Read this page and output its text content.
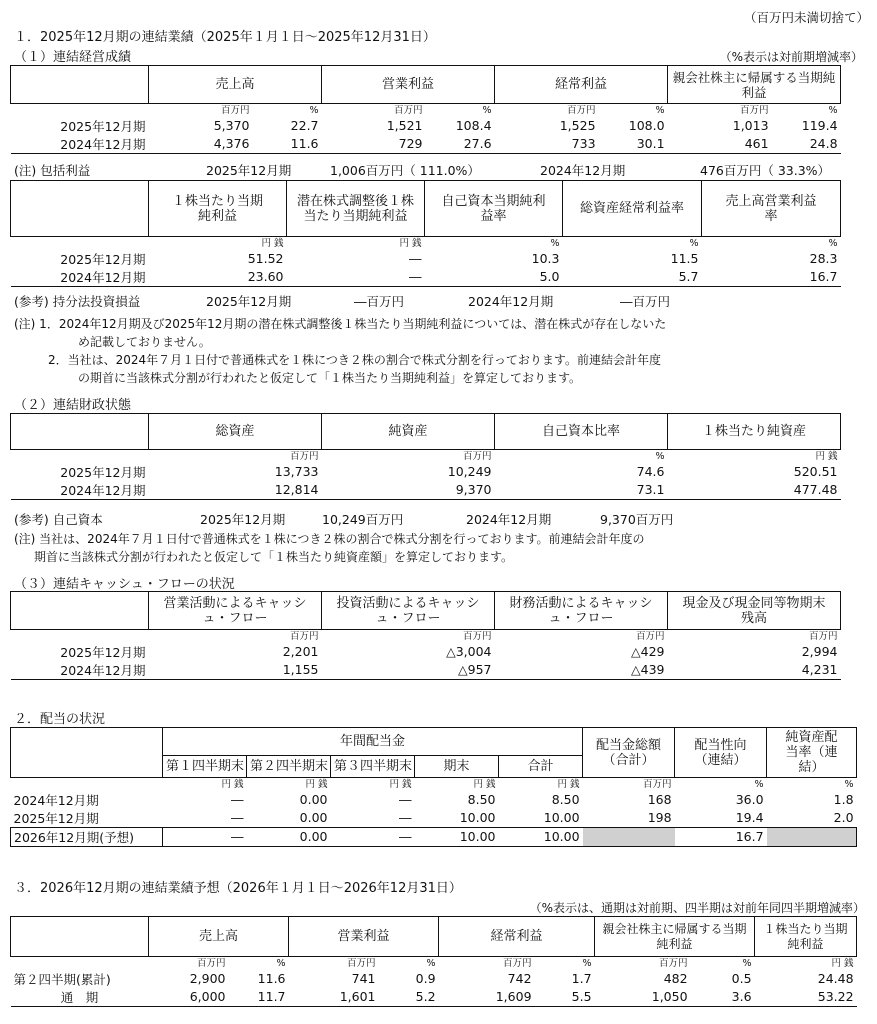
（百万円未満切捨て）
１．2025年12月期の連結業績（2025年１月１日～2025年12月31日）
（１）連結経営成績	（%表示は対前期増減率）
	売上高		営業利益		経常利益		親会社株主に帰属する当期純利益	
	百万円	%	百万円	%	百万円	%	百万円	%
2025年12月期	5,370	22.7	1,521	108.4	1,525	108.0	1,013	119.4
2024年12月期	4,376	11.6	729	27.6	733	30.1	461	24.8
(注) 包括利益	2025年12月期	1,006百万円（ 111.0%）	2024年12月期	476百万円（ 33.3%）
	１株当たり当期純利益	潜在株式調整後１株当たり当期純利益	自己資本当期純利益率	総資産経常利益率	売上高営業利益率
	円 銭	円 銭	%	%	%
2025年12月期	51.52	―	10.3	11.5	28.3
2024年12月期	23.60	―	5.0	5.7	16.7
(参考) 持分法投資損益	2025年12月期	―百万円	2024年12月期	―百万円
(注) 1．2024年12月期及び2025年12月期の潜在株式調整後１株当たり当期純利益については、潜在株式が存在しないた
め記載しておりません。
2．当社は、2024年７月１日付で普通株式を１株につき２株の割合で株式分割を行っております。前連結会計年度
の期首に当該株式分割が行われたと仮定して「１株当たり当期純利益」を算定しております。
（２）連結財政状態
	総資産	純資産	自己資本比率	１株当たり純資産
	百万円	百万円	%	円 銭
2025年12月期	13,733	10,249	74.6	520.51
2024年12月期	12,814	9,370	73.1	477.48
(参考) 自己資本	2025年12月期	10,249百万円	2024年12月期	9,370百万円
(注) 当社は、2024年７月１日付で普通株式を１株につき２株の割合で株式分割を行っております。前連結会計年度の
期首に当該株式分割が行われたと仮定して「１株当たり純資産額」を算定しております。
（３）連結キャッシュ・フローの状況
	営業活動によるキャッシュ・フロー	投資活動によるキャッシュ・フロー	財務活動によるキャッシュ・フロー	現金及び現金同等物期末残高
	百万円	百万円	百万円	百万円
2025年12月期	2,201	△3,004	△429	2,994
2024年12月期	1,155	△957	△439	4,231
２．配当の状況
	年間配当金					配当金総額（合計）	配当性向（連結）	純資産配当率（連結）
	第１四半期末	第２四半期末	第３四半期末	期末	合計			
	円 銭	円 銭	円 銭	円 銭	円 銭	百万円	%	%
2024年12月期	―	0.00	―	8.50	8.50	168	36.0	1.8
2025年12月期	―	0.00	―	10.00	10.00	198	19.4	2.0
2026年12月期(予想)	―	0.00	―	10.00	10.00		16.7	
３．2026年12月期の連結業績予想（2026年１月１日～2026年12月31日）
（%表示は、通期は対前期、四半期は対前年同四半期増減率）
	売上高		営業利益		経常利益		親会社株主に帰属する当期純利益		１株当たり当期純利益
	百万円	%	百万円	%	百万円	%	百万円	%	円 銭
第２四半期(累計)	2,900	11.6	741	0.9	742	1.7	482	0.5	24.48
通　期	6,000	11.7	1,601	5.2	1,609	5.5	1,050	3.6	53.22
